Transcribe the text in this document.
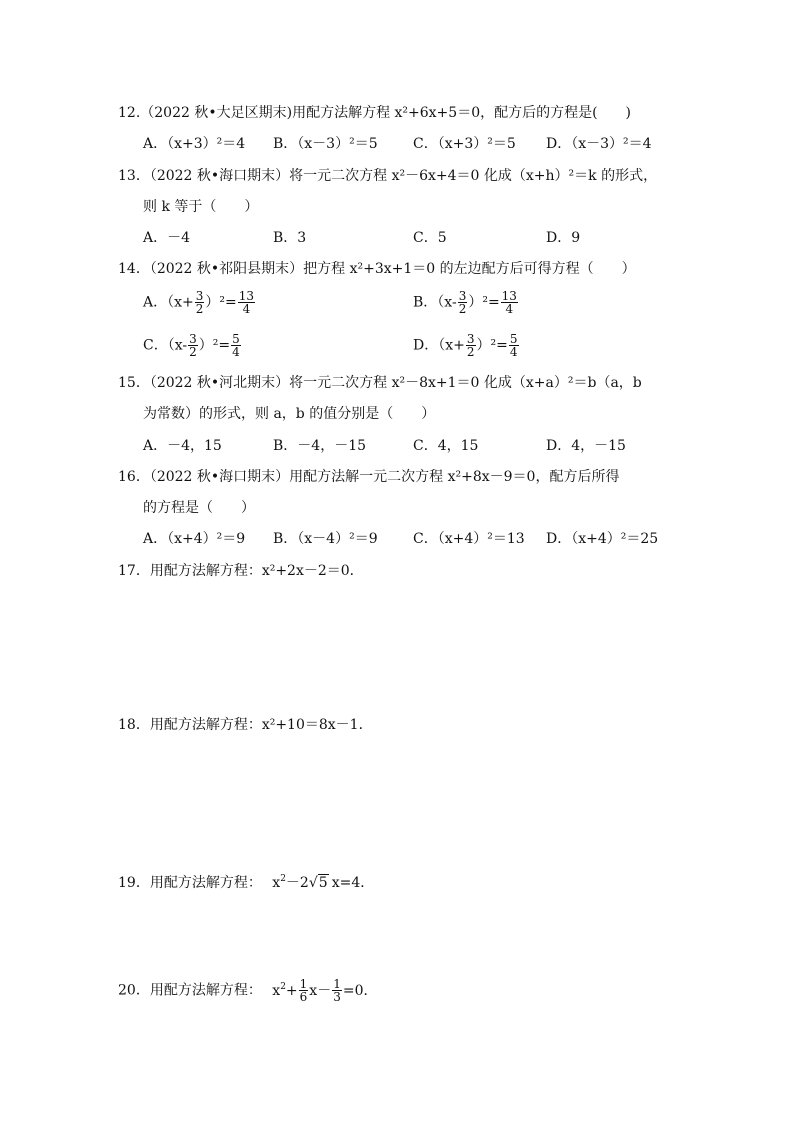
12.（2022 秋•大足区期末)用配方法解方程 x²+6x+5＝0，配方后的方程是(　　)
A．（x+3）²＝4 B．（x－3）²＝5	C．（x+3）²＝5 D．（x－3）²＝4
13．（2022 秋•海口期末）将一元二次方程 x²－6x+4＝0 化成（x+h）²＝k 的形式，
则 k 等于（　　）
A．－4	B．3	C．5	D．9
14．（2022 秋•祁阳县期末）把方程 x²+3x+1＝0 的左边配方后可得方程（　　）
A．$(x+ \frac{3}{2} )^2= \frac{13}{4}$	B．$(x- \frac{3}{2} )^2= \frac{13}{4}$
C．$(x- \frac{3}{2} )^2= \frac{5}{4}$	D．$(x+ \frac{3}{2} )^2= \frac{5}{4}$
15．（2022 秋•河北期末）将一元二次方程 x²－8x+1＝0 化成（x+a）²＝b（a，b
为常数）的形式，则 a，b 的值分别是（　　）
A．－4，15	B．－4，－15	C．4，15	D．4，－15
16．（2022 秋•海口期末）用配方法解一元二次方程 x²+8x－9＝0，配方后所得
的方程是（　　）
A．（x+4）²＝9 B．（x－4）²＝9	C．（x+4）²＝13 D．（x+4）²＝25
17．用配方法解方程：x²+2x－2＝0．
18．用配方法解方程：x²+10＝8x－1．
19．用配方法解方程： $x^2-2√5$ x=4．
20．用配方法解方程： $x^2+ \frac{1}{6} x- \frac{1}{3} =0$．
